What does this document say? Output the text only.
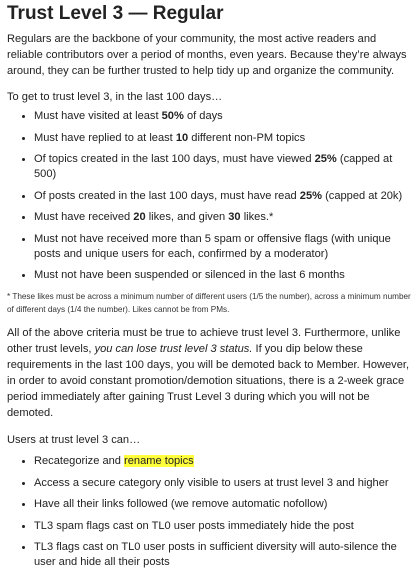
Trust Level 3 — Regular

Regulars are the backbone of your community, the most active readers and reliable contributors over a period of months, even years. Because they’re always around, they can be further trusted to help tidy up and organize the community.

To get to trust level 3, in the last 100 days…

• Must have visited at least 50% of days
• Must have replied to at least 10 different non-PM topics
• Of topics created in the last 100 days, must have viewed 25% (capped at 500)
• Of posts created in the last 100 days, must have read 25% (capped at 20k)
• Must have received 20 likes, and given 30 likes.*
• Must not have received more than 5 spam or offensive flags (with unique posts and unique users for each, confirmed by a moderator)
• Must not have been suspended or silenced in the last 6 months

* These likes must be across a minimum number of different users (1/5 the number), across a minimum number of different days (1/4 the number). Likes cannot be from PMs.

All of the above criteria must be true to achieve trust level 3. Furthermore, unlike other trust levels, you can lose trust level 3 status. If you dip below these requirements in the last 100 days, you will be demoted back to Member. However, in order to avoid constant promotion/demotion situations, there is a 2-week grace period immediately after gaining Trust Level 3 during which you will not be demoted.

Users at trust level 3 can…

• Recategorize and rename topics
• Access a secure category only visible to users at trust level 3 and higher
• Have all their links followed (we remove automatic nofollow)
• TL3 spam flags cast on TL0 user posts immediately hide the post
• TL3 flags cast on TL0 user posts in sufficient diversity will auto-silence the user and hide all their posts
